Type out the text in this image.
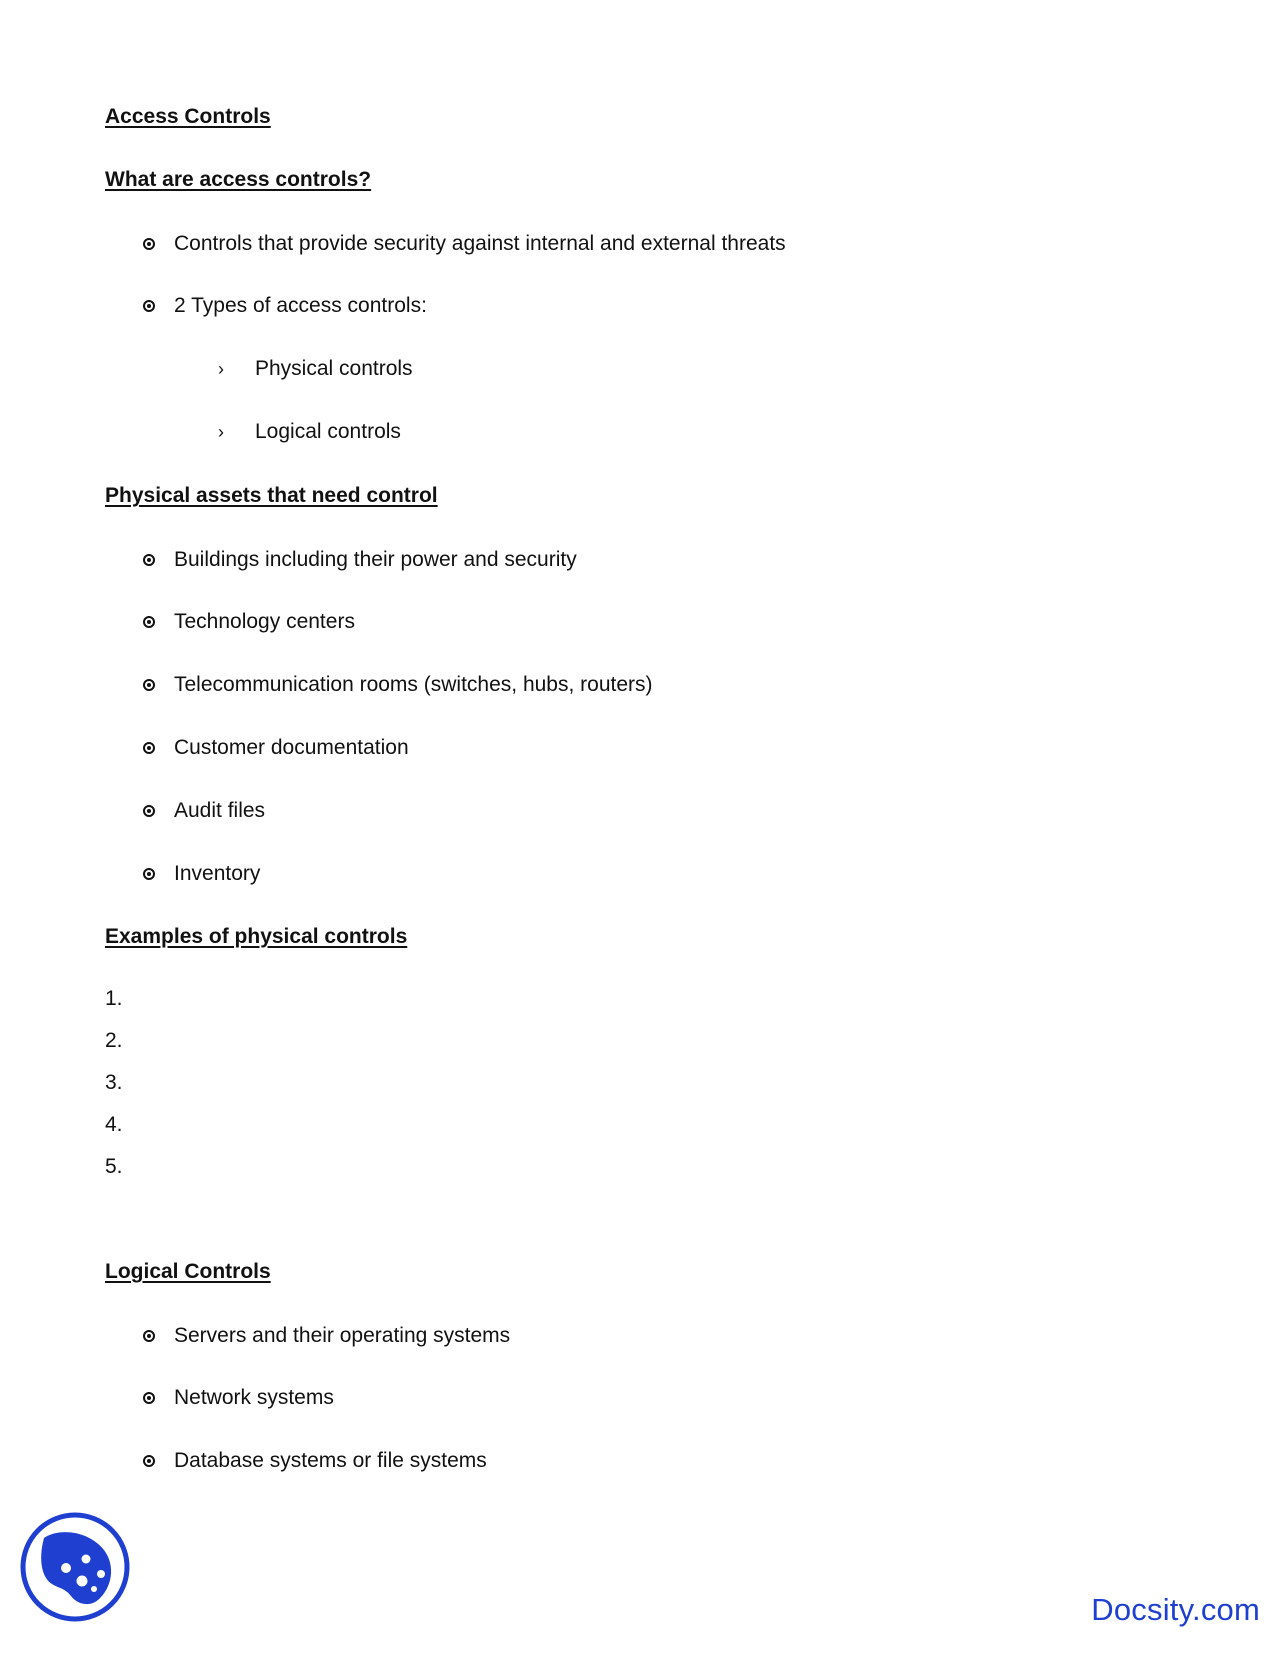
Access Controls
What are access controls?
Controls that provide security against internal and external threats
2 Types of access controls:
›	Physical controls
›	Logical controls
Physical assets that need control
Buildings including their power and security
Technology centers
Telecommunication rooms (switches, hubs, routers)
Customer documentation
Audit files
Inventory
Examples of physical controls
1.
2.
3.
4.
5.
Logical Controls
Servers and their operating systems
Network systems
Database systems or file systems
Docsity.com
